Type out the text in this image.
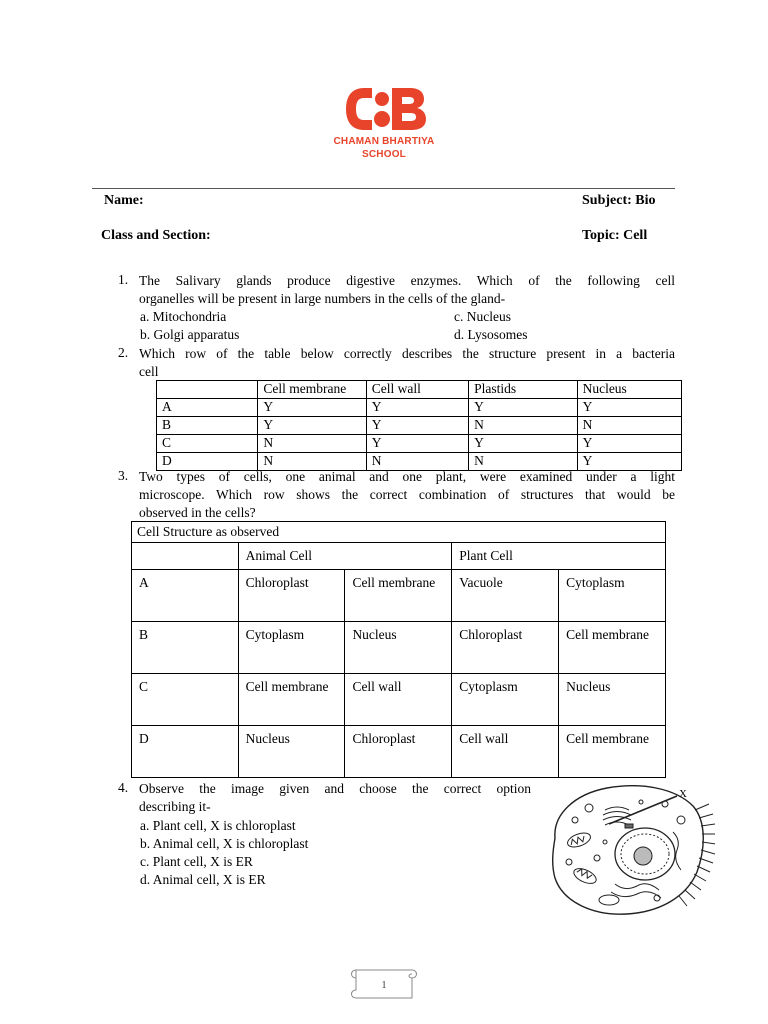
CHAMAN BHARTIYA
SCHOOL
Name:	Subject: Bio
Class and Section:	Topic: Cell
1. The Salivary glands produce digestive enzymes. Which of the following cell
organelles will be present in large numbers in the cells of the gland-
a. Mitochondria	c. Nucleus
b. Golgi apparatus	d. Lysosomes
2. Which row of the table below correctly describes the structure present in a bacteria
cell
	Cell membrane	Cell wall	Plastids	Nucleus
A	Y	Y	Y	Y
B	Y	Y	N	N
C	N	Y	Y	Y
D	N	N	N	Y
3. Two types of cells, one animal and one plant, were examined under a light
microscope. Which row shows the correct combination of structures that would be
observed in the cells?
Cell Structure as observed				
	Animal Cell		Plant Cell	
A	Chloroplast	Cell membrane	Vacuole	Cytoplasm
B	Cytoplasm	Nucleus	Chloroplast	Cell membrane
C	Cell membrane	Cell wall	Cytoplasm	Nucleus
D	Nucleus	Chloroplast	Cell wall	Cell membrane
4. Observe the image given and choose the correct option
describing it-
a. Plant cell, X is chloroplast
b. Animal cell, X is chloroplast
c. Plant cell, X is ER
d. Animal cell, X is ER
X
1
